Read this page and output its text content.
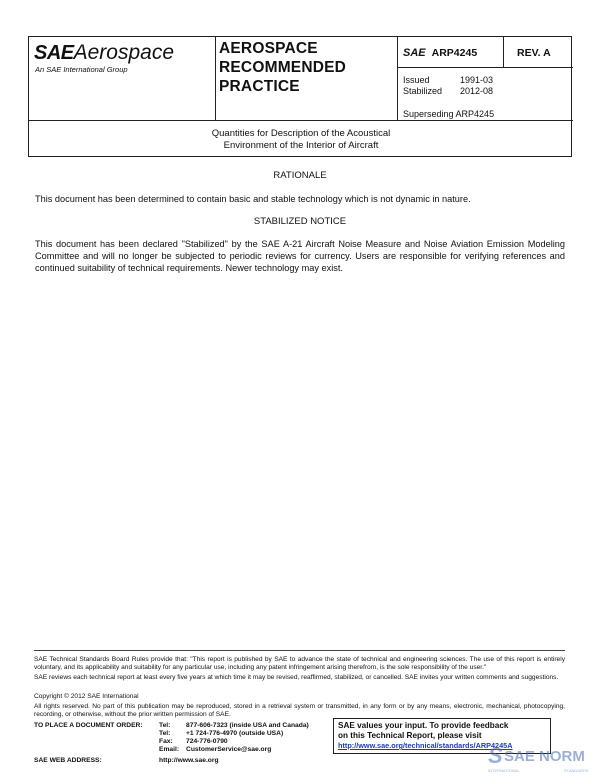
SAEAerospace
An SAE International Group
AEROSPACE
RECOMMENDED
PRACTICE
SAE ARP4245	REV. A
Issued	1991-03
Stabilized	2012-08
Superseding ARP4245
Quantities for Description of the Acoustical
Environment of the Interior of Aircraft
RATIONALE
This document has been determined to contain basic and stable technology which is not dynamic in nature.
STABILIZED NOTICE
This document has been declared "Stabilized" by the SAE A-21 Aircraft Noise Measure and Noise Aviation Emission Modeling Committee and will no longer be subjected to periodic reviews for currency. Users are responsible for verifying references and continued suitability of technical requirements. Newer technology may exist.
SAE Technical Standards Board Rules provide that: "This report is published by SAE to advance the state of technical and engineering sciences. The use of this report is entirely voluntary, and its applicability and suitability for any particular use, including any patent infringement arising therefrom, is the sole responsibility of the user."
SAE reviews each technical report at least every five years at which time it may be revised, reaffirmed, stabilized, or cancelled. SAE invites your written comments and suggestions.
Copyright © 2012 SAE International
All rights reserved. No part of this publication may be reproduced, stored in a retrieval system or transmitted, in any form or by any means, electronic, mechanical, photocopying, recording, or otherwise, without the prior written permission of SAE.
TO PLACE A DOCUMENT ORDER:	Tel:	877-606-7323 (inside USA and Canada)
Tel:	+1 724-776-4970 (outside USA)
Fax:	724-776-0790
Email:	CustomerService@sae.org
SAE WEB ADDRESS:	http://www.sae.org
SAE values your input. To provide feedback
on this Technical Report, please visit
http://www.sae.org/technical/standards/ARP4245A
S SAE NORM
INTERNATIONAL	STANDARDS
